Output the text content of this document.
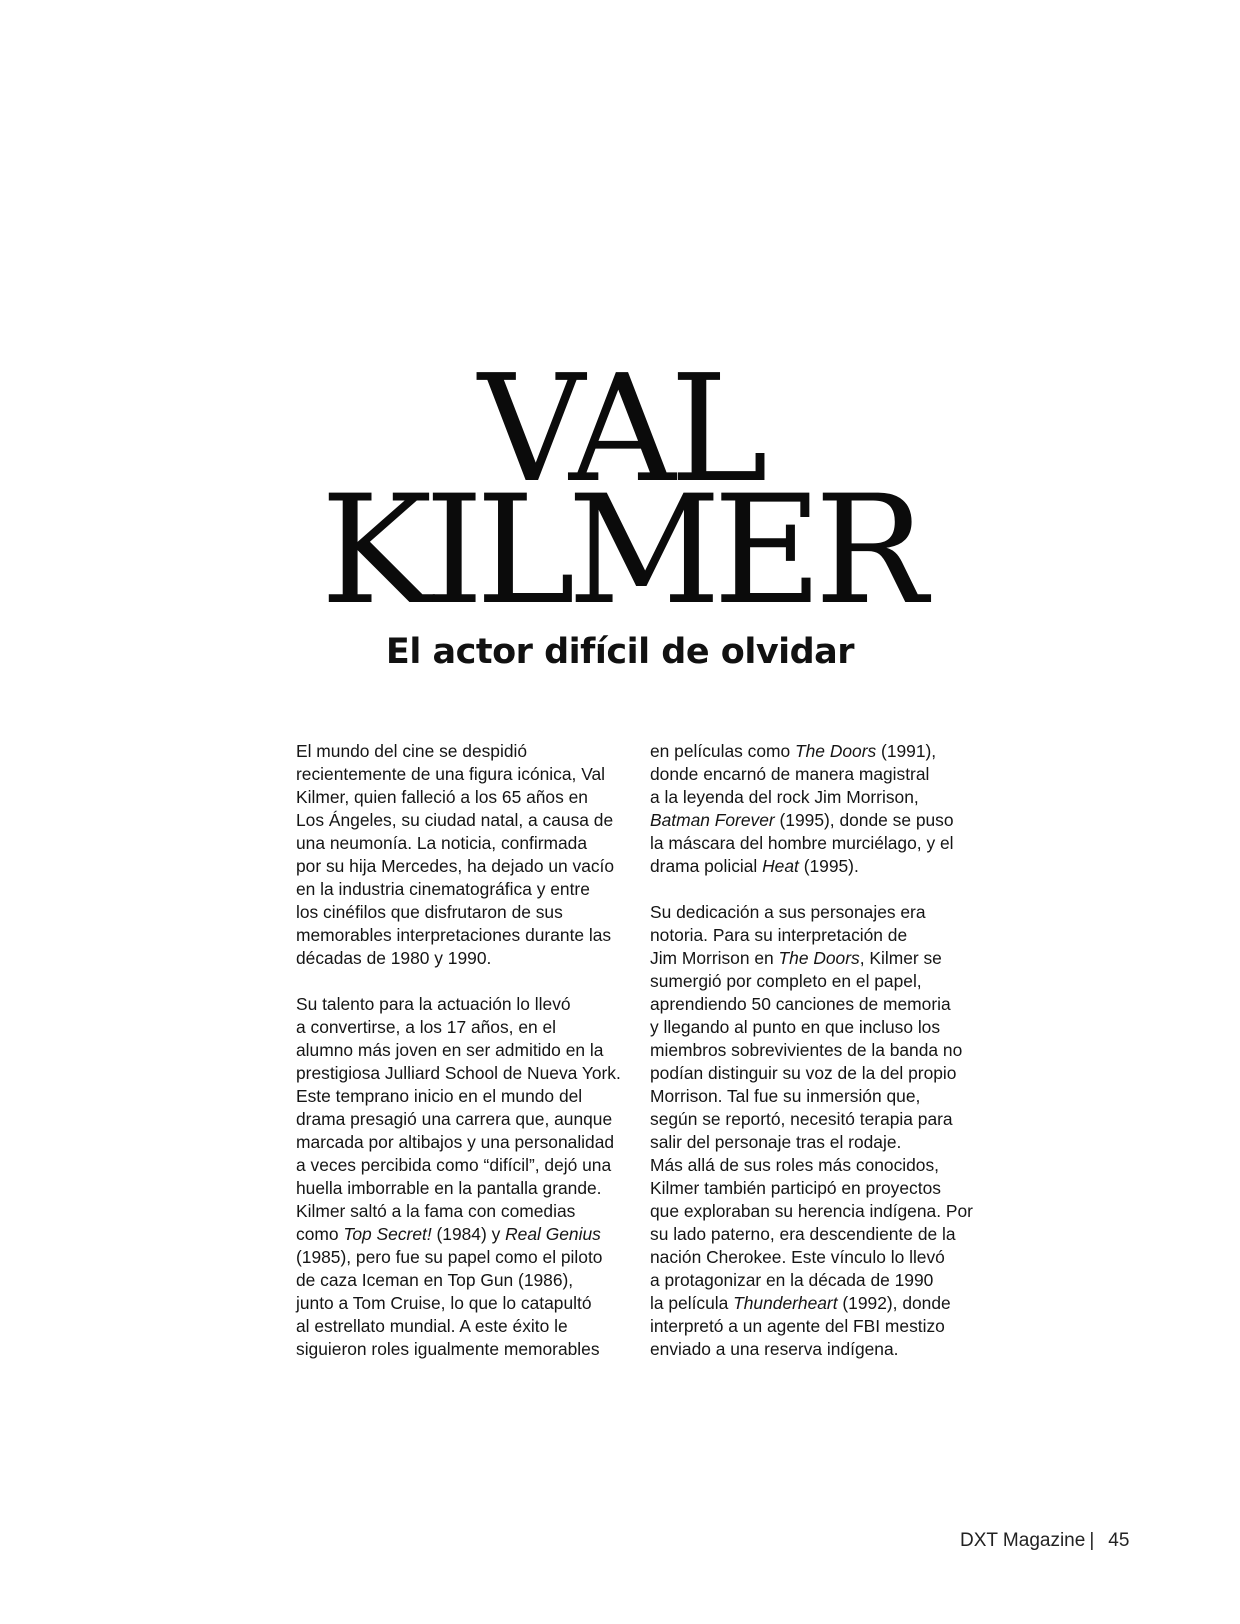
VAL
KILMER
El actor difícil de olvidar
El mundo del cine se despidió
recientemente de una figura icónica, Val
Kilmer, quien falleció a los 65 años en
Los Ángeles, su ciudad natal, a causa de
una neumonía. La noticia, confirmada
por su hija Mercedes, ha dejado un vacío
en la industria cinematográfica y entre
los cinéfilos que disfrutaron de sus
memorables interpretaciones durante las
décadas de 1980 y 1990.
Su talento para la actuación lo llevó
a convertirse, a los 17 años, en el
alumno más joven en ser admitido en la
prestigiosa Julliard School de Nueva York.
Este temprano inicio en el mundo del
drama presagió una carrera que, aunque
marcada por altibajos y una personalidad
a veces percibida como “difícil”, dejó una
huella imborrable en la pantalla grande.
Kilmer saltó a la fama con comedias
como Top Secret! (1984) y Real Genius
(1985), pero fue su papel como el piloto
de caza Iceman en Top Gun (1986),
junto a Tom Cruise, lo que lo catapultó
al estrellato mundial. A este éxito le
siguieron roles igualmente memorables
en películas como The Doors (1991),
donde encarnó de manera magistral
a la leyenda del rock Jim Morrison,
Batman Forever (1995), donde se puso
la máscara del hombre murciélago, y el
drama policial Heat (1995).
Su dedicación a sus personajes era
notoria. Para su interpretación de
Jim Morrison en The Doors, Kilmer se
sumergió por completo en el papel,
aprendiendo 50 canciones de memoria
y llegando al punto en que incluso los
miembros sobrevivientes de la banda no
podían distinguir su voz de la del propio
Morrison. Tal fue su inmersión que,
según se reportó, necesitó terapia para
salir del personaje tras el rodaje.
Más allá de sus roles más conocidos,
Kilmer también participó en proyectos
que exploraban su herencia indígena. Por
su lado paterno, era descendiente de la
nación Cherokee. Este vínculo lo llevó
a protagonizar en la década de 1990
la película Thunderheart (1992), donde
interpretó a un agente del FBI mestizo
enviado a una reserva indígena.
DXT Magazine | 45
